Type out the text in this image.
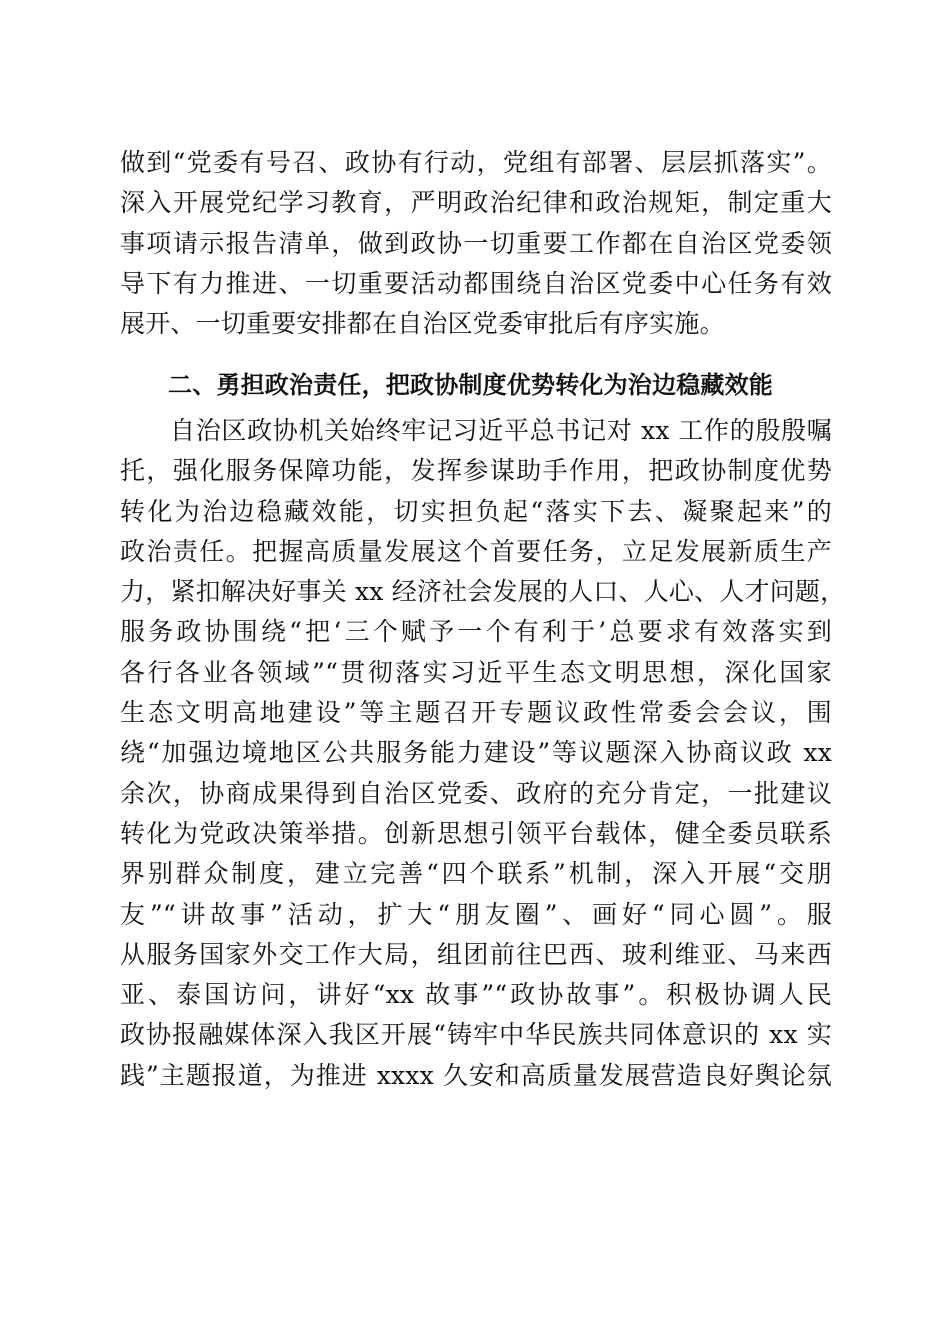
做到“党委有号召、政协有行动，党组有部署、层层抓落实”。
深入开展党纪学习教育，严明政治纪律和政治规矩，制定重大
事项请示报告清单，做到政协一切重要工作都在自治区党委领
导下有力推进、一切重要活动都围绕自治区党委中心任务有效
展开、一切重要安排都在自治区党委审批后有序实施。
二、勇担政治责任，把政协制度优势转化为治边稳藏效能
自治区政协机关始终牢记习近平总书记对 xx 工作的殷殷嘱
托，强化服务保障功能，发挥参谋助手作用，把政协制度优势
转化为治边稳藏效能，切实担负起“落实下去、凝聚起来”的
政治责任。把握高质量发展这个首要任务，立足发展新质生产
力，紧扣解决好事关 xx 经济社会发展的人口、人心、人才问题，
服务政协围绕“把‘三个赋予一个有利于’总要求有效落实到
各行各业各领域”“贯彻落实习近平生态文明思想，深化国家
生态文明高地建设”等主题召开专题议政性常委会会议，围
绕“加强边境地区公共服务能力建设”等议题深入协商议政 xx
余次，协商成果得到自治区党委、政府的充分肯定，一批建议
转化为党政决策举措。创新思想引领平台载体，健全委员联系
界别群众制度，建立完善“四个联系”机制，深入开展“交朋
友”“讲故事”活动，扩大“朋友圈”、画好“同心圆”。服
从服务国家外交工作大局，组团前往巴西、玻利维亚、马来西
亚、泰国访问，讲好“xx 故事”“政协故事”。积极协调人民
政协报融媒体深入我区开展“铸牢中华民族共同体意识的 xx 实
践”主题报道，为推进 xxxx 久安和高质量发展营造良好舆论氛
